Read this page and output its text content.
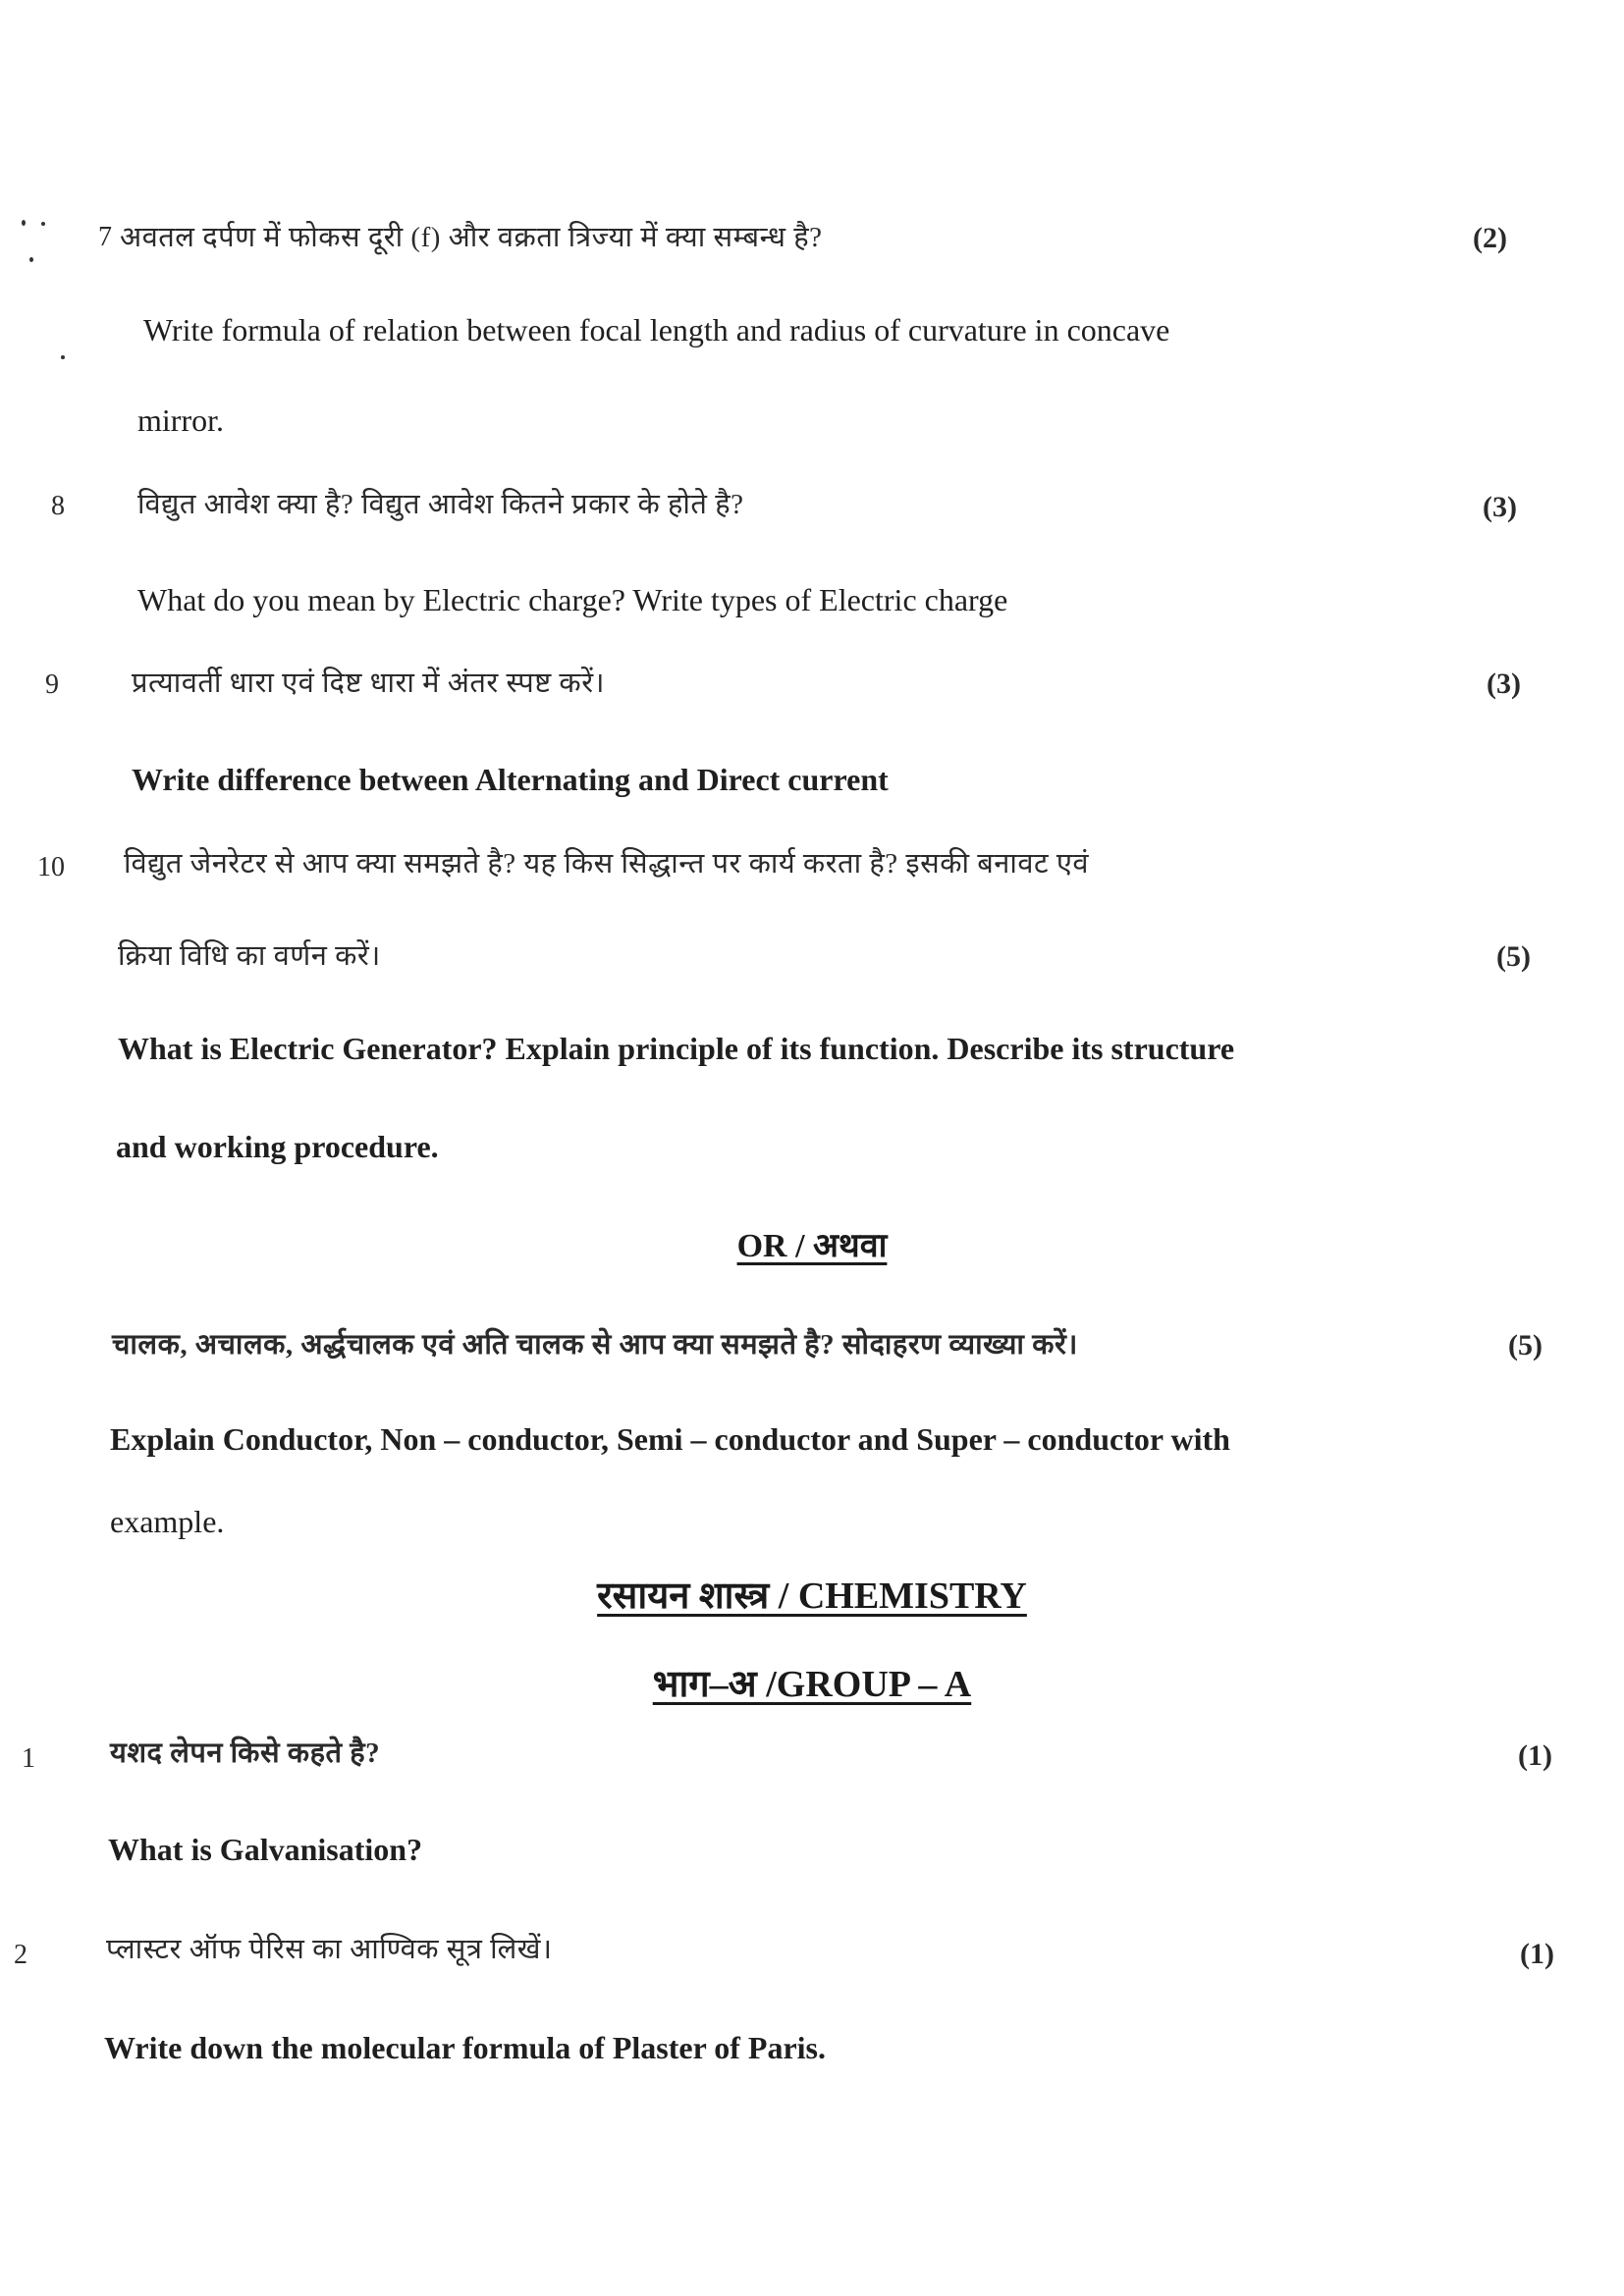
7 अवतल दर्पण में फोकस दूरी (f) और वक्रता त्रिज्या में क्या सम्बन्ध है?	(2)
Write formula of relation between focal length and radius of curvature in concave
mirror.
8	विद्युत आवेश क्या है? विद्युत आवेश कितने प्रकार के होते है?	(3)
What do you mean by Electric charge? Write types of Electric charge
9	प्रत्यावर्ती धारा एवं दिष्ट धारा में अंतर स्पष्ट करें।	(3)
Write difference between Alternating and Direct current
10 विद्युत जेनरेटर से आप क्या समझते है? यह किस सिद्धान्त पर कार्य करता है? इसकी बनावट एवं
क्रिया विधि का वर्णन करें।	(5)
What is Electric Generator? Explain principle of its function. Describe its structure
and working procedure.
OR / अथवा
चालक, अचालक, अर्द्धचालक एवं अति चालक से आप क्या समझते है? सोदाहरण व्याख्या करें।	(5)
Explain Conductor, Non – conductor, Semi – conductor and Super – conductor with
example.
रसायन शास्त्र / CHEMISTRY
भाग–अ /GROUP – A
1	यशद लेपन किसे कहते है?	(1)
What is Galvanisation?
2	प्लास्टर ऑफ पेरिस का आण्विक सूत्र लिखें।	(1)
Write down the molecular formula of Plaster of Paris.
